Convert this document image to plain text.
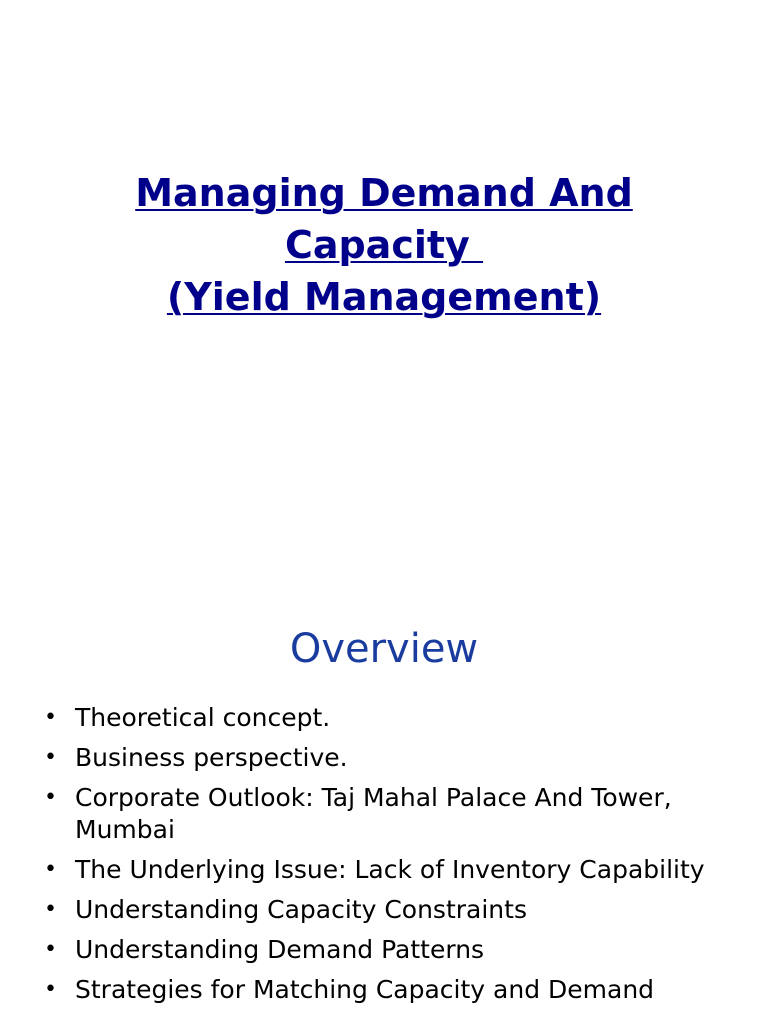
Managing Demand And
Capacity
(Yield Management)
Overview
• Theoretical concept.
• Business perspective.
• Corporate Outlook: Taj Mahal Palace And Tower, Mumbai
• The Underlying Issue: Lack of Inventory Capability
• Understanding Capacity Constraints
• Understanding Demand Patterns
• Strategies for Matching Capacity and Demand
